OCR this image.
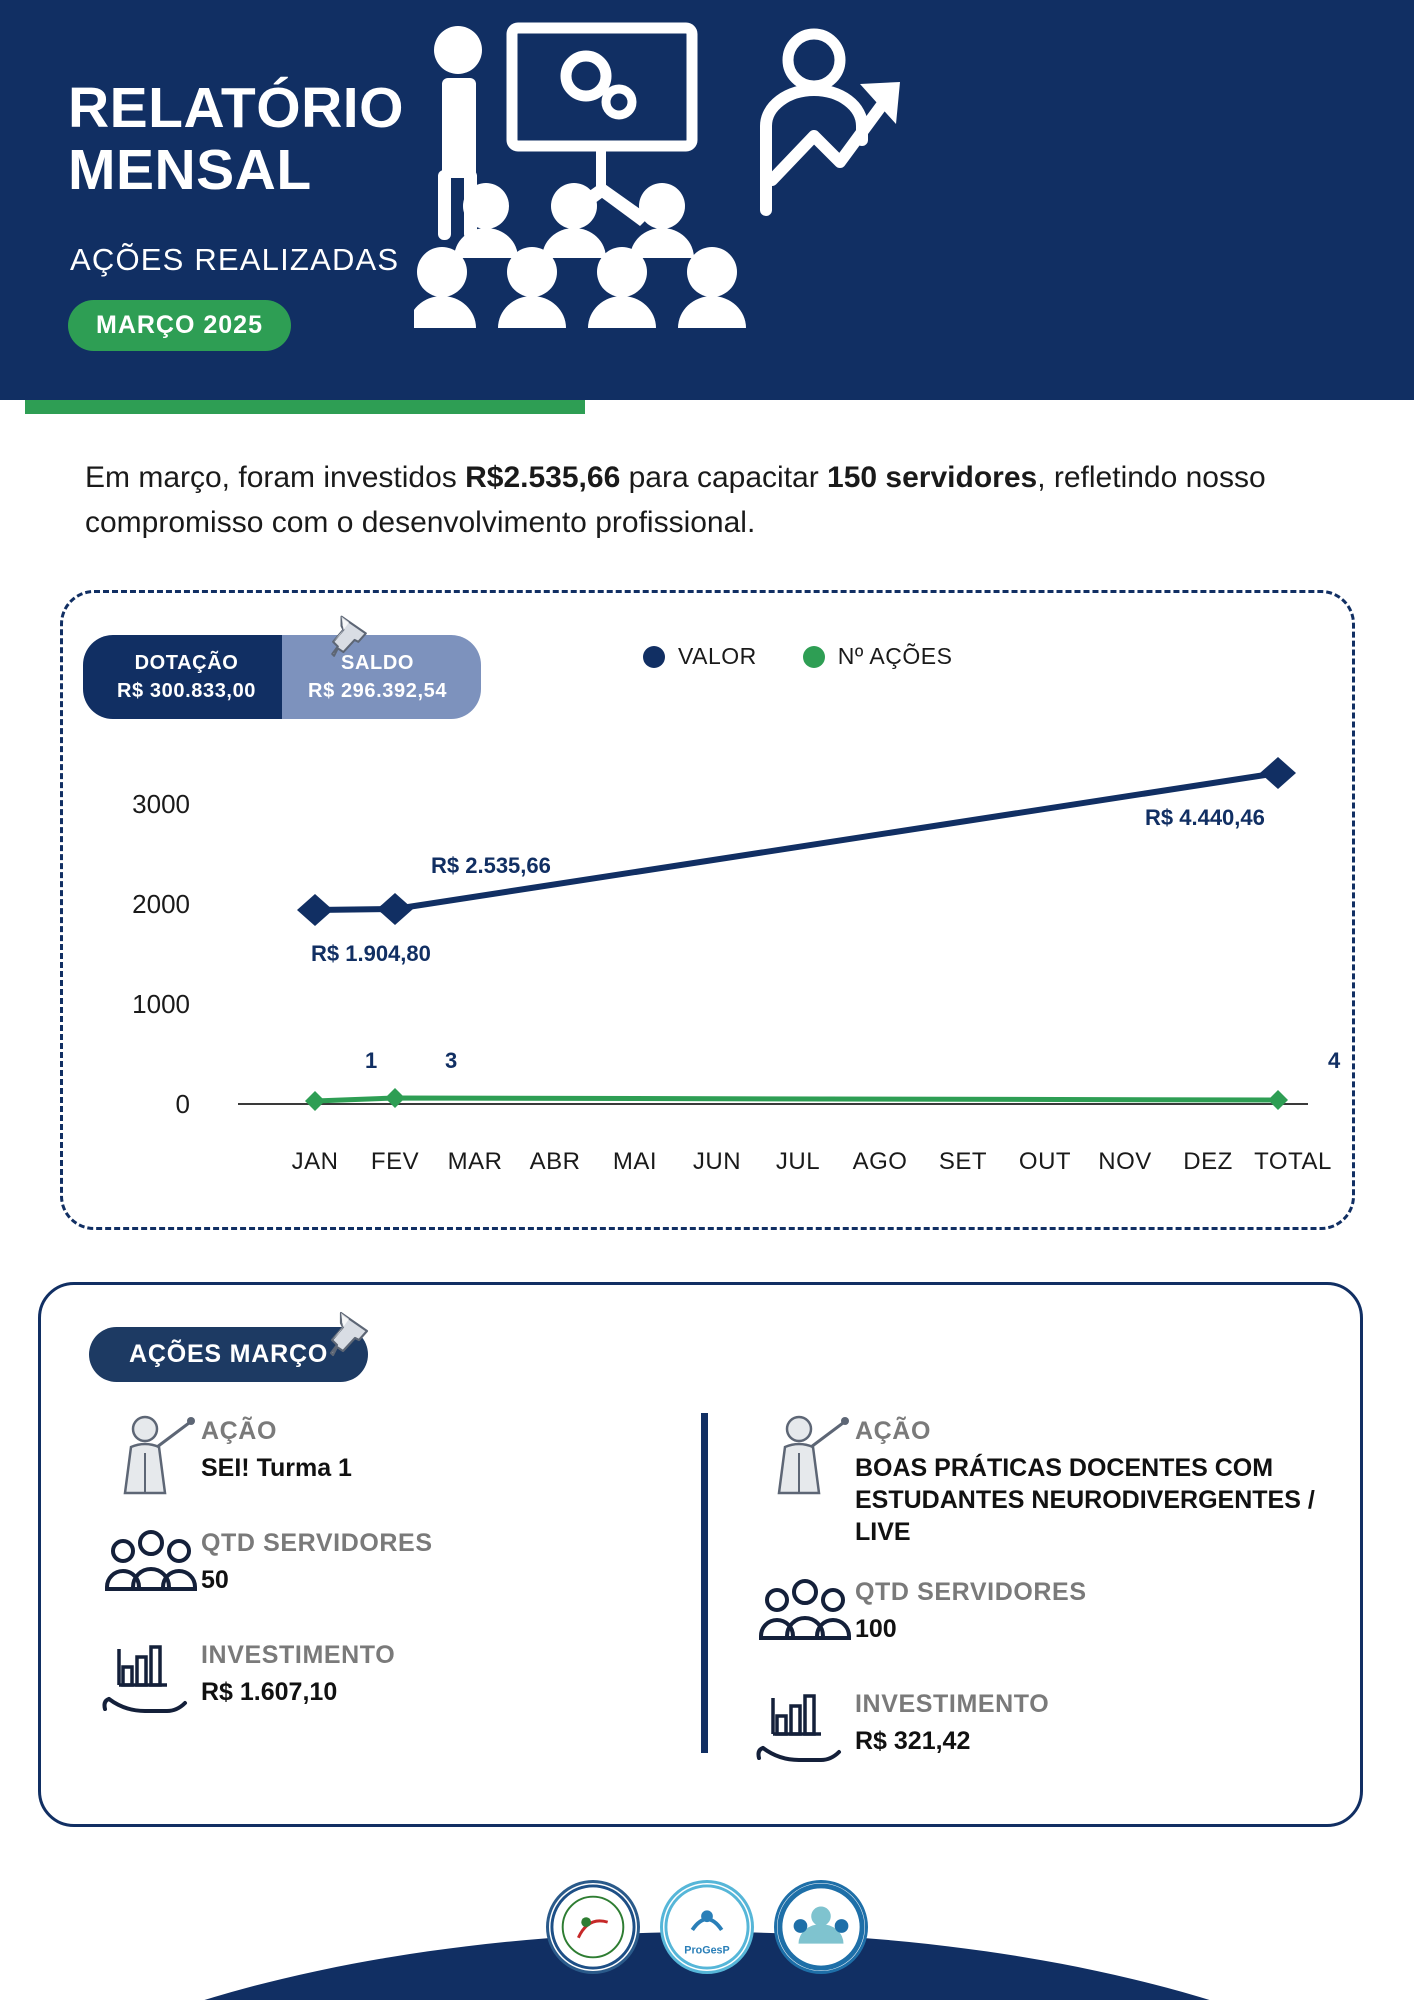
RELATÓRIO
MENSAL
AÇÕES REALIZADAS
MARÇO 2025
Em março, foram investidos R$2.535,66 para capacitar 150 servidores, refletindo nosso compromisso com o desenvolvimento profissional.
DOTAÇÃO
R$ 300.833,00
SALDO
R$ 296.392,54
VALOR	Nº AÇÕES
3000
2000
1000
0
R$ 1.904,80
R$ 2.535,66
R$ 4.440,46
1	3	4
JAN	FEV	MAR	ABR	MAI	JUN	JUL	AGO	SET	OUT	NOV	DEZ TOTAL
AÇÕES MARÇO
AÇÃO
SEI! Turma 1
QTD SERVIDORES
50
INVESTIMENTO
R$ 1.607,10
AÇÃO
BOAS PRÁTICAS DOCENTES COM ESTUDANTES NEURODIVERGENTES / LIVE
QTD SERVIDORES
100
INVESTIMENTO
R$ 321,42
ProGesP
